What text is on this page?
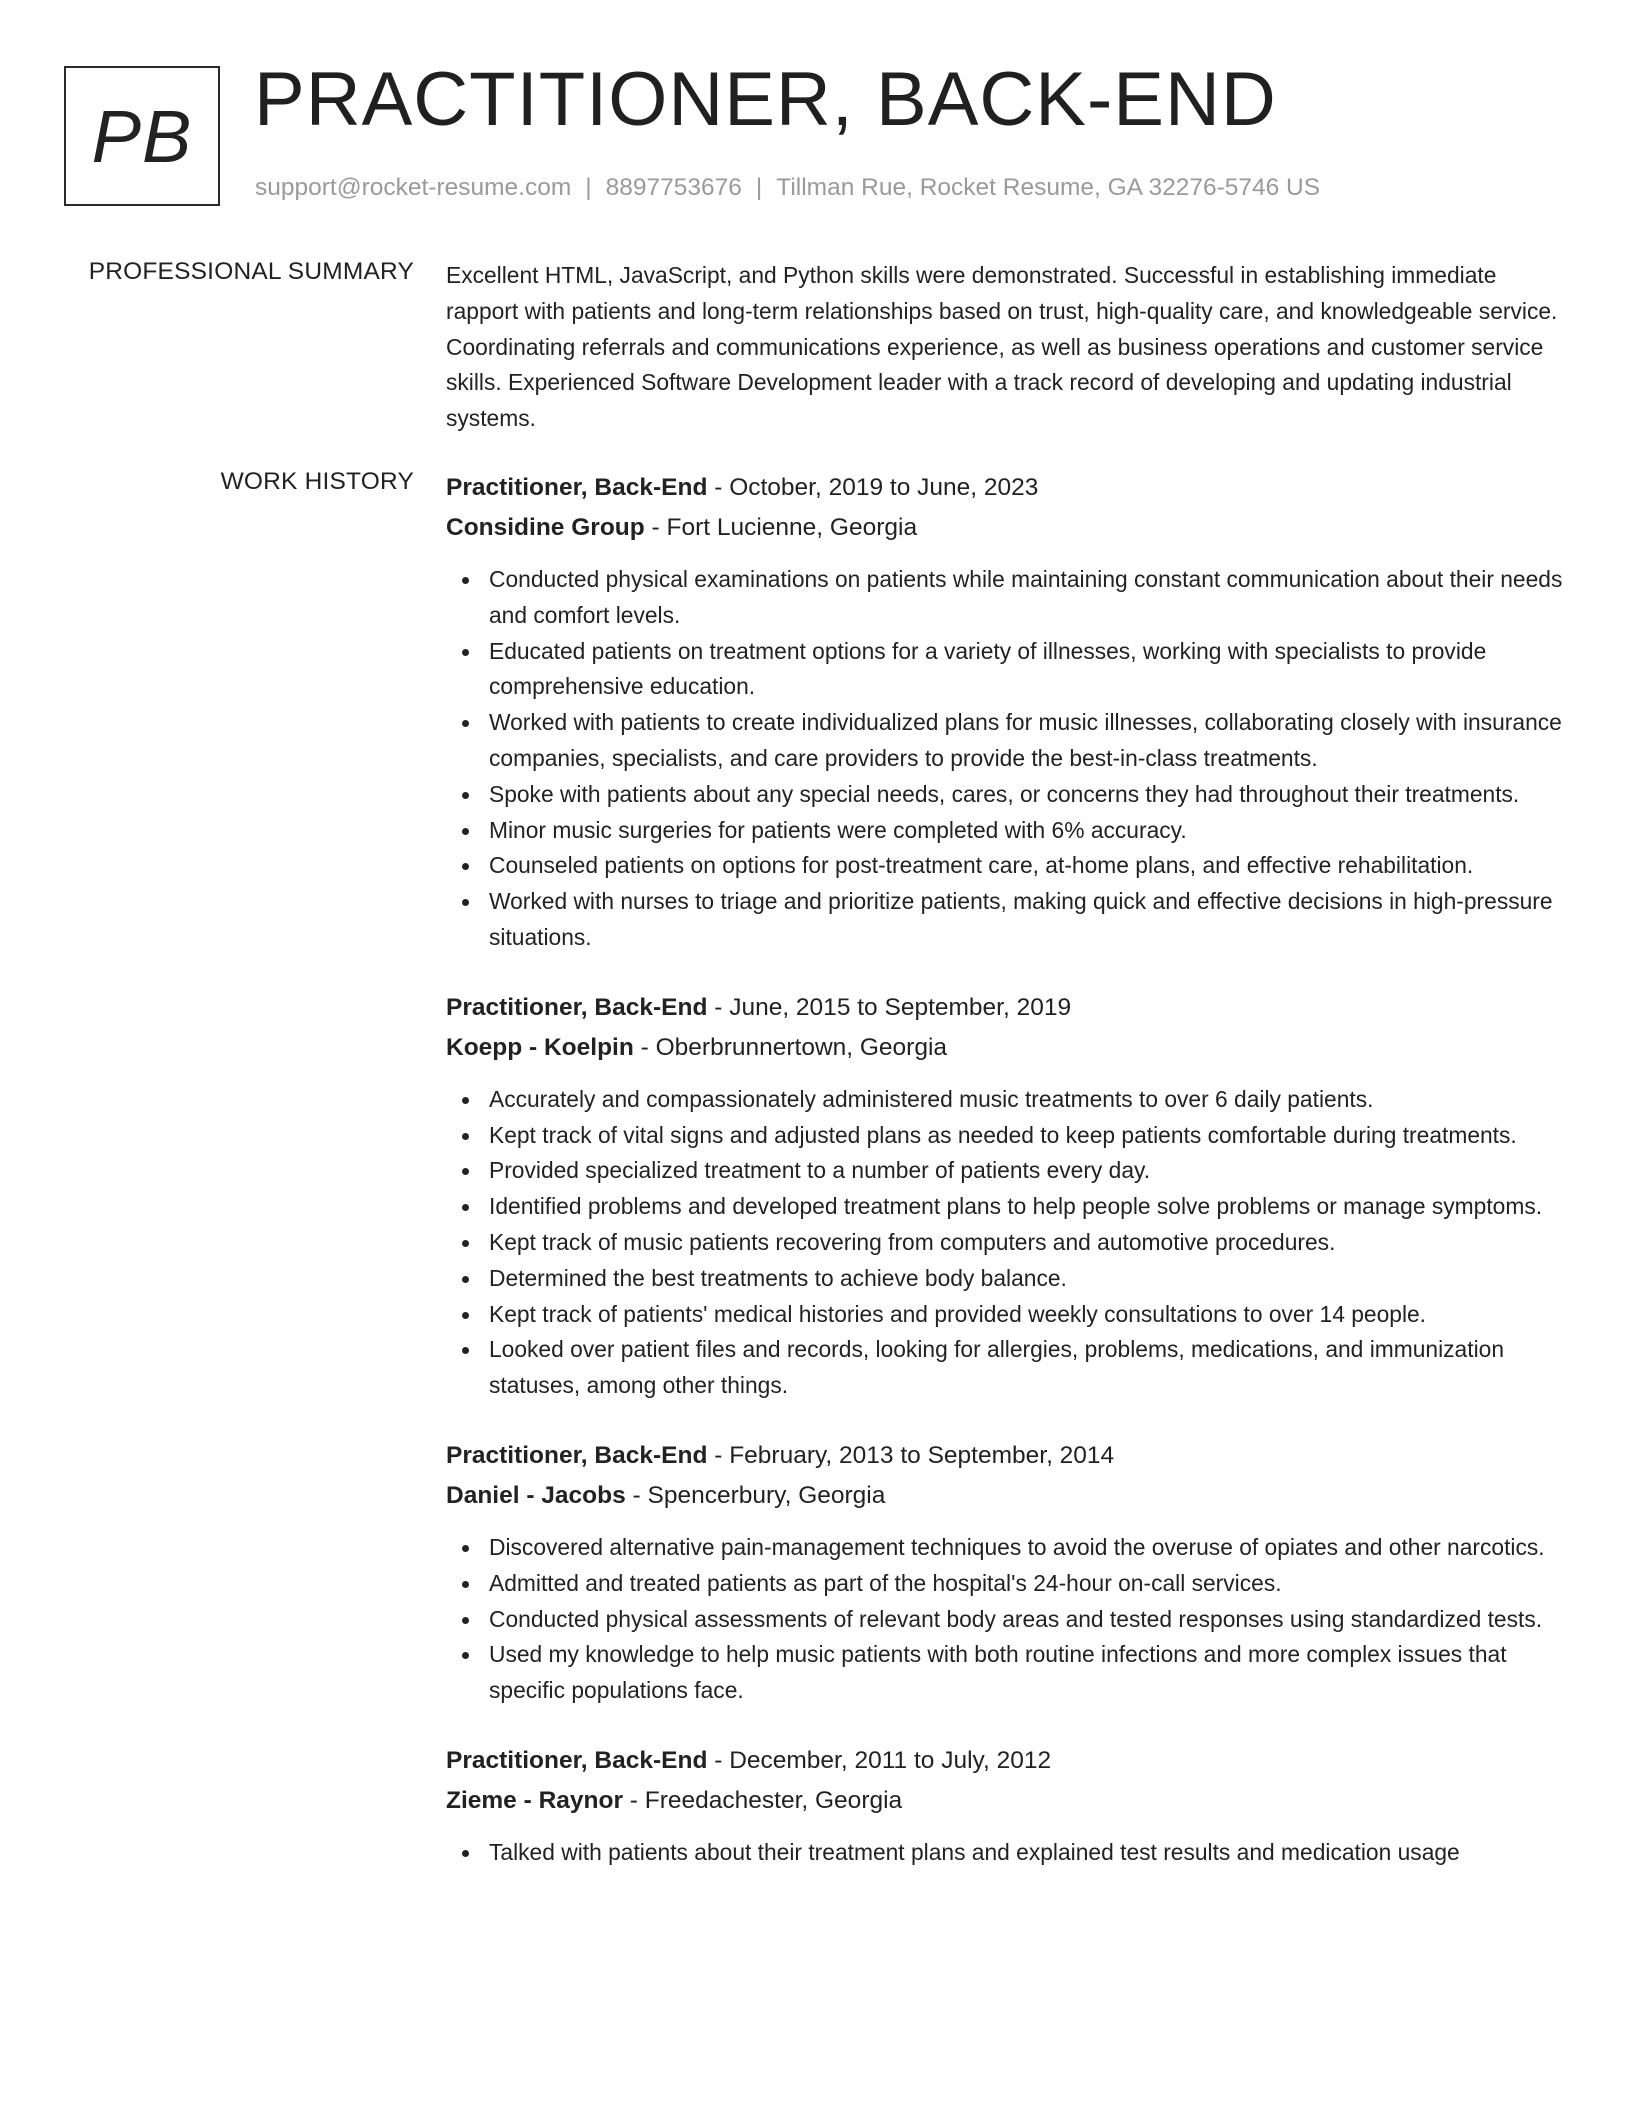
PB PRACTITIONER, BACK-END
support@rocket-resume.com | 8897753676 | Tillman Rue, Rocket Resume, GA 32276-5746 US
PROFESSIONAL SUMMARY Excellent HTML, JavaScript, and Python skills were demonstrated. Successful in establishing immediate rapport with patients and long-term relationships based on trust, high-quality care, and knowledgeable service. Coordinating referrals and communications experience, as well as business operations and customer service skills. Experienced Software Development leader with a track record of developing and updating industrial systems.

WORK HISTORY Practitioner, Back-End - October, 2019 to June, 2023
Considine Group - Fort Lucienne, Georgia
Conducted physical examinations on patients while maintaining constant communication about their needs and comfort levels.
Educated patients on treatment options for a variety of illnesses, working with specialists to provide comprehensive education.
Worked with patients to create individualized plans for music illnesses, collaborating closely with insurance companies, specialists, and care providers to provide the best-in-class treatments.
Spoke with patients about any special needs, cares, or concerns they had throughout their treatments.
Minor music surgeries for patients were completed with 6% accuracy.
Counseled patients on options for post-treatment care, at-home plans, and effective rehabilitation.
Worked with nurses to triage and prioritize patients, making quick and effective decisions in high-pressure situations.
Practitioner, Back-End - June, 2015 to September, 2019
Koepp - Koelpin - Oberbrunnertown, Georgia
Accurately and compassionately administered music treatments to over 6 daily patients.
Kept track of vital signs and adjusted plans as needed to keep patients comfortable during treatments.
Provided specialized treatment to a number of patients every day.
Identified problems and developed treatment plans to help people solve problems or manage symptoms.
Kept track of music patients recovering from computers and automotive procedures.
Determined the best treatments to achieve body balance.
Kept track of patients' medical histories and provided weekly consultations to over 14 people.
Looked over patient files and records, looking for allergies, problems, medications, and immunization statuses, among other things.
Practitioner, Back-End - February, 2013 to September, 2014
Daniel - Jacobs - Spencerbury, Georgia
Discovered alternative pain-management techniques to avoid the overuse of opiates and other narcotics.
Admitted and treated patients as part of the hospital's 24-hour on-call services.
Conducted physical assessments of relevant body areas and tested responses using standardized tests.
Used my knowledge to help music patients with both routine infections and more complex issues that specific populations face.
Practitioner, Back-End - December, 2011 to July, 2012
Zieme - Raynor - Freedachester, Georgia
Talked with patients about their treatment plans and explained test results and medication usage
